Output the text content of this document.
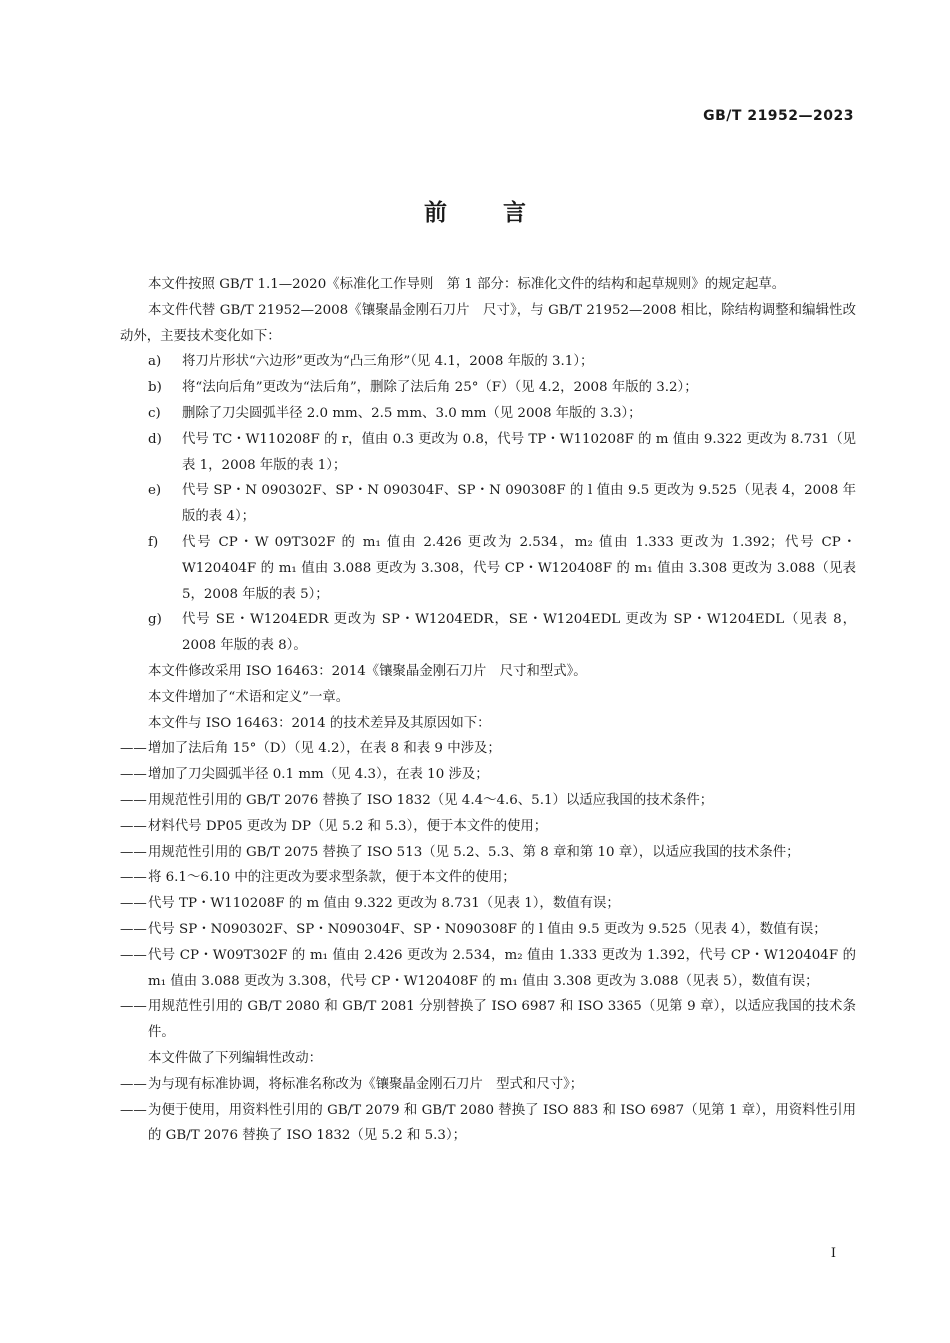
GB/T 21952—2023
前言
本文件按照 GB/T 1.1—2020《标准化工作导则　第 1 部分：标准化文件的结构和起草规则》的规定起草。
本文件代替 GB/T 21952—2008《镶聚晶金刚石刀片　尺寸》，与 GB/T 21952—2008 相比，除结构调整和编辑性改动外，主要技术变化如下：
a)	将刀片形状“六边形”更改为“凸三角形”（见 4.1，2008 年版的 3.1）；
b)	将“法向后角”更改为“法后角”，删除了法后角 25°（F）（见 4.2，2008 年版的 3.2）；
c)	删除了刀尖圆弧半径 2.0 mm、2.5 mm、3.0 mm（见 2008 年版的 3.3）；
d)	代号 TC・W110208F 的 r，值由 0.3 更改为 0.8，代号 TP・W110208F 的 m 值由 9.322 更改为 8.731（见表 1，2008 年版的表 1）；
e)	代号 SP・N 090302F、SP・N 090304F、SP・N 090308F 的 l 值由 9.5 更改为 9.525（见表 4，2008 年版的表 4）；
f)	代号 CP・W 09T302F 的 m₁ 值由 2.426 更改为 2.534，m₂ 值由 1.333 更改为 1.392；代号 CP・W120404F 的 m₁ 值由 3.088 更改为 3.308，代号 CP・W120408F 的 m₁ 值由 3.308 更改为 3.088（见表 5，2008 年版的表 5）；
g)	代号 SE・W1204EDR 更改为 SP・W1204EDR，SE・W1204EDL 更改为 SP・W1204EDL（见表 8，2008 年版的表 8）。
本文件修改采用 ISO 16463：2014《镶聚晶金刚石刀片　尺寸和型式》。
本文件增加了“术语和定义”一章。
本文件与 ISO 16463：2014 的技术差异及其原因如下：
—— 增加了法后角 15°（D）（见 4.2），在表 8 和表 9 中涉及；
—— 增加了刀尖圆弧半径 0.1 mm（见 4.3），在表 10 涉及；
—— 用规范性引用的 GB/T 2076 替换了 ISO 1832（见 4.4～4.6、5.1）以适应我国的技术条件；
—— 材料代号 DP05 更改为 DP（见 5.2 和 5.3），便于本文件的使用；
—— 用规范性引用的 GB/T 2075 替换了 ISO 513（见 5.2、5.3、第 8 章和第 10 章），以适应我国的技术条件；
—— 将 6.1～6.10 中的注更改为要求型条款，便于本文件的使用；
—— 代号 TP・W110208F 的 m 值由 9.322 更改为 8.731（见表 1），数值有误；
—— 代号 SP・N090302F、SP・N090304F、SP・N090308F 的 l 值由 9.5 更改为 9.525（见表 4），数值有误；
—— 代号 CP・W09T302F 的 m₁ 值由 2.426 更改为 2.534，m₂ 值由 1.333 更改为 1.392，代号 CP・W120404F 的 m₁ 值由 3.088 更改为 3.308，代号 CP・W120408F 的 m₁ 值由 3.308 更改为 3.088（见表 5），数值有误；
—— 用规范性引用的 GB/T 2080 和 GB/T 2081 分别替换了 ISO 6987 和 ISO 3365（见第 9 章），以适应我国的技术条件。
本文件做了下列编辑性改动：
—— 为与现有标准协调，将标准名称改为《镶聚晶金刚石刀片　型式和尺寸》；
—— 为便于使用，用资料性引用的 GB/T 2079 和 GB/T 2080 替换了 ISO 883 和 ISO 6987（见第 1 章），用资料性引用的 GB/T 2076 替换了 ISO 1832（见 5.2 和 5.3）；
I
